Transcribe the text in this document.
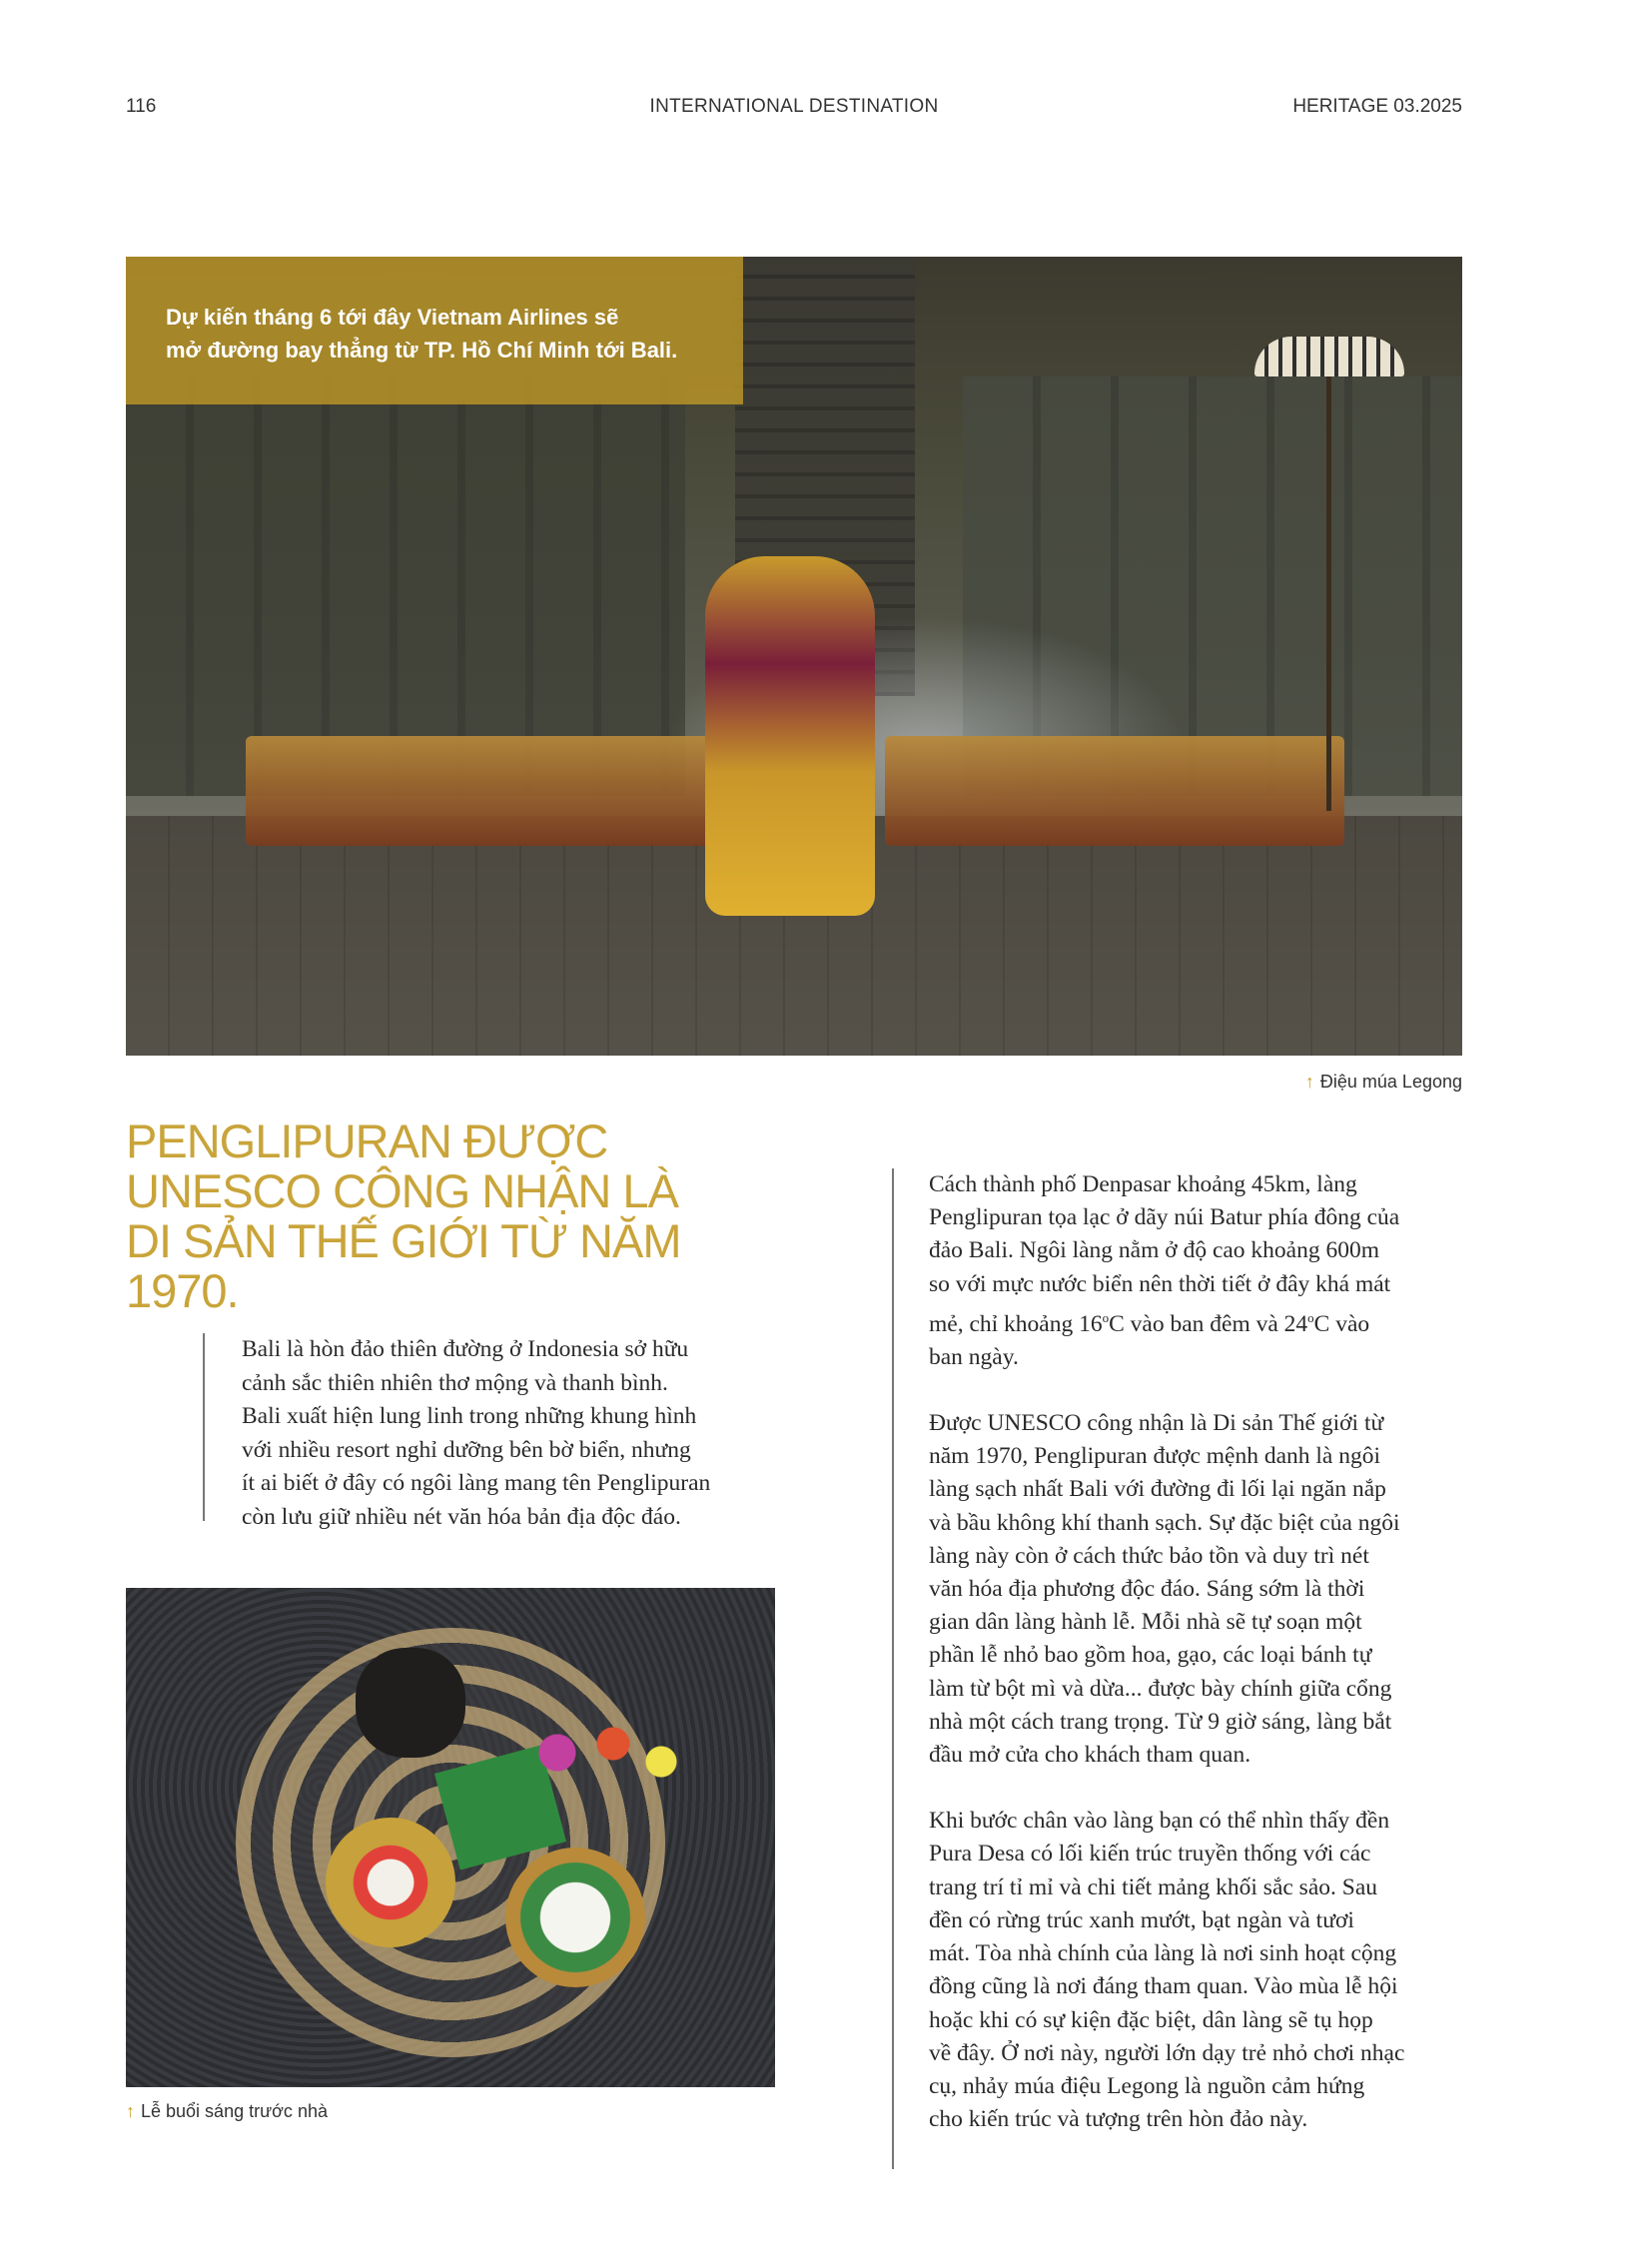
116	INTERNATIONAL DESTINATION	HERITAGE 03.2025
Dự kiến tháng 6 tới đây Vietnam Airlines sẽ
mở đường bay thẳng từ TP. Hồ Chí Minh tới Bali.
↑ Điệu múa Legong
PENGLIPURAN ĐƯỢC
UNESCO CÔNG NHẬN LÀ
DI SẢN THẾ GIỚI TỪ NĂM 1970.
Bali là hòn đảo thiên đường ở Indonesia sở hữu
cảnh sắc thiên nhiên thơ mộng và thanh bình.
Bali xuất hiện lung linh trong những khung hình
với nhiều resort nghỉ dưỡng bên bờ biển, nhưng
ít ai biết ở đây có ngôi làng mang tên Penglipuran
còn lưu giữ nhiều nét văn hóa bản địa độc đáo.
↑ Lễ buổi sáng trước nhà
Cách thành phố Denpasar khoảng 45km, làng
Penglipuran tọa lạc ở dãy núi Batur phía đông của
đảo Bali. Ngôi làng nằm ở độ cao khoảng 600m
so với mực nước biển nên thời tiết ở đây khá mát
mẻ, chỉ khoảng 16$^o$C vào ban đêm và 24$^o$C vào
ban ngày.
Được UNESCO công nhận là Di sản Thế giới từ
năm 1970, Penglipuran được mệnh danh là ngôi
làng sạch nhất Bali với đường đi lối lại ngăn nắp
và bầu không khí thanh sạch. Sự đặc biệt của ngôi
làng này còn ở cách thức bảo tồn và duy trì nét
văn hóa địa phương độc đáo. Sáng sớm là thời
gian dân làng hành lễ. Mỗi nhà sẽ tự soạn một
phần lễ nhỏ bao gồm hoa, gạo, các loại bánh tự
làm từ bột mì và dừa... được bày chính giữa cổng
nhà một cách trang trọng. Từ 9 giờ sáng, làng bắt
đầu mở cửa cho khách tham quan.
Khi bước chân vào làng bạn có thể nhìn thấy đền
Pura Desa có lối kiến trúc truyền thống với các
trang trí tỉ mỉ và chi tiết mảng khối sắc sảo. Sau
đền có rừng trúc xanh mướt, bạt ngàn và tươi
mát. Tòa nhà chính của làng là nơi sinh hoạt cộng
đồng cũng là nơi đáng tham quan. Vào mùa lễ hội
hoặc khi có sự kiện đặc biệt, dân làng sẽ tụ họp
về đây. Ở nơi này, người lớn dạy trẻ nhỏ chơi nhạc
cụ, nhảy múa điệu Legong là nguồn cảm hứng
cho kiến trúc và tượng trên hòn đảo này.
